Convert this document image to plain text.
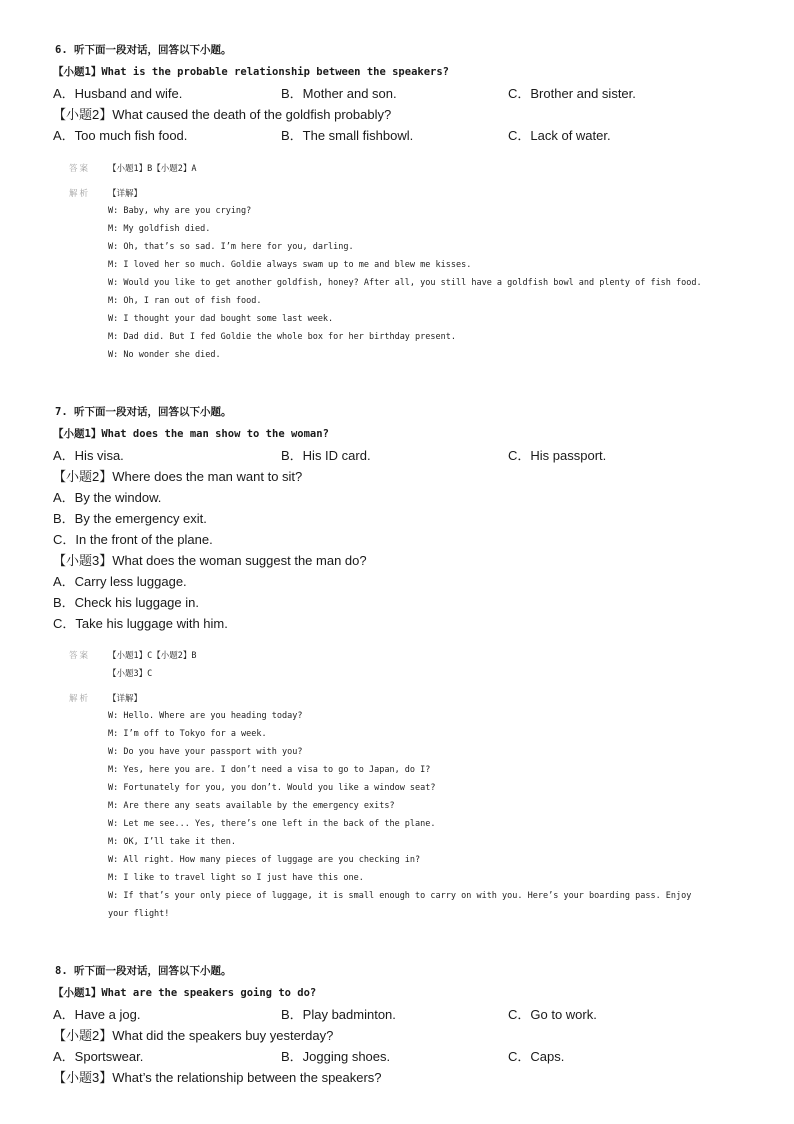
6. 听下面一段对话，回答以下小题。
【小题1】What is the probable relationship between the speakers?
A．Husband and wife.	B．Mother and son.	C．Brother and sister.
【小题2】What caused the death of the goldfish probably?
A．Too much fish food.	B．The small fishbowl.	C．Lack of water.
答案 【小题1】B【小题2】A
解析 【详解】
W: Baby, why are you crying?
M: My goldfish died.
W: Oh, that’s so sad. I’m here for you, darling.
M: I loved her so much. Goldie always swam up to me and blew me kisses.
W: Would you like to get another goldfish, honey? After all, you still have a goldfish bowl and plenty of fish food.
M: Oh, I ran out of fish food.
W: I thought your dad bought some last week.
M: Dad did. But I fed Goldie the whole box for her birthday present.
W: No wonder she died.
7. 听下面一段对话，回答以下小题。
【小题1】What does the man show to the woman?
A．His visa.	B．His ID card.	C．His passport.
【小题2】Where does the man want to sit?
A．By the window.
B．By the emergency exit.
C．In the front of the plane.
【小题3】What does the woman suggest the man do?
A．Carry less luggage.
B．Check his luggage in.
C．Take his luggage with him.
答案 【小题1】C【小题2】B
【小题3】C
解析 【详解】
W: Hello. Where are you heading today?
M: I’m off to Tokyo for a week.
W: Do you have your passport with you?
M: Yes, here you are. I don’t need a visa to go to Japan, do I?
W: Fortunately for you, you don’t. Would you like a window seat?
M: Are there any seats available by the emergency exits?
W: Let me see... Yes, there’s one left in the back of the plane.
M: OK, I’ll take it then.
W: All right. How many pieces of luggage are you checking in?
M: I like to travel light so I just have this one.
W: If that’s your only piece of luggage, it is small enough to carry on with you. Here’s your boarding pass. Enjoy
your flight!
8. 听下面一段对话，回答以下小题。
【小题1】What are the speakers going to do?
A．Have a jog.	B．Play badminton.	C．Go to work.
【小题2】What did the speakers buy yesterday?
A．Sportswear.	B．Jogging shoes.	C．Caps.
【小题3】What’s the relationship between the speakers?
